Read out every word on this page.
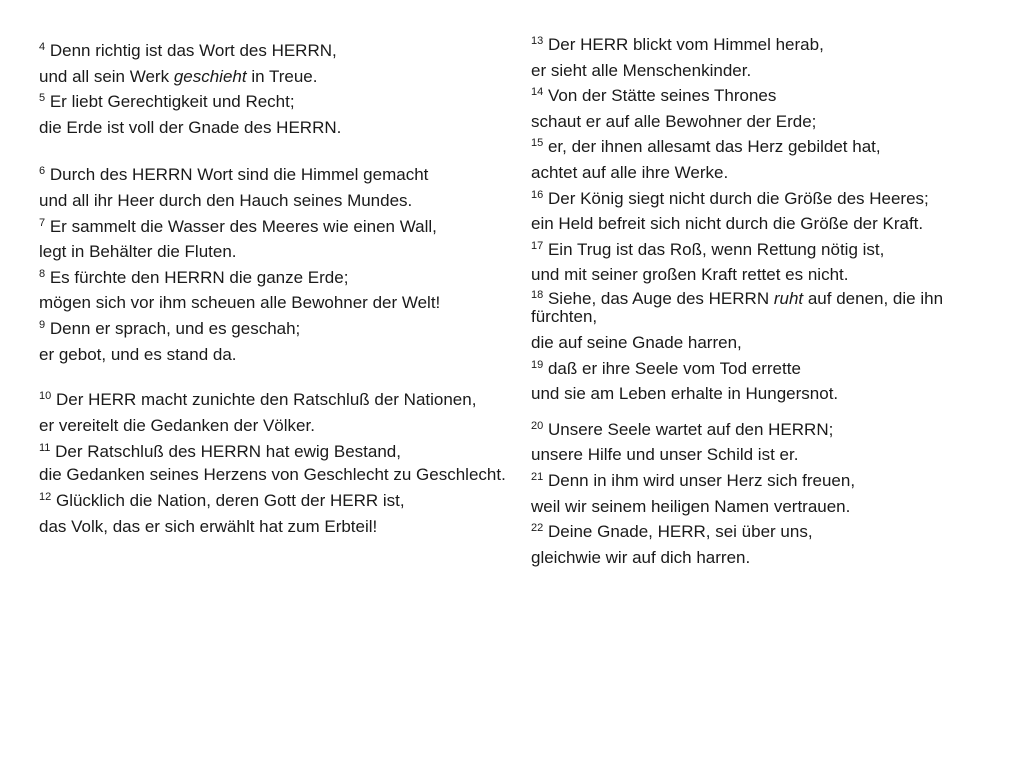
$^4$ Denn richtig ist das Wort des HERRN,
und all sein Werk geschieht in Treue.
$^5$ Er liebt Gerechtigkeit und Recht;
die Erde ist voll der Gnade des HERRN.
$^6$ Durch des HERRN Wort sind die Himmel gemacht
und all ihr Heer durch den Hauch seines Mundes.
$^7$ Er sammelt die Wasser des Meeres wie einen Wall,
legt in Behälter die Fluten.
$^8$ Es fürchte den HERRN die ganze Erde;
mögen sich vor ihm scheuen alle Bewohner der Welt!
$^9$ Denn er sprach, und es geschah;
er gebot, und es stand da.
$^{10}$ Der HERR macht zunichte den Ratschluß der Nationen,
er vereitelt die Gedanken der Völker.
$^{11}$ Der Ratschluß des HERRN hat ewig Bestand,
die Gedanken seines Herzens von Geschlecht zu Geschlecht.
$^{12}$ Glücklich die Nation, deren Gott der HERR ist,
das Volk, das er sich erwählt hat zum Erbteil!
$^{13}$ Der HERR blickt vom Himmel herab,
er sieht alle Menschenkinder.
$^{14}$ Von der Stätte seines Thrones
schaut er auf alle Bewohner der Erde;
$^{15}$ er, der ihnen allesamt das Herz gebildet hat,
achtet auf alle ihre Werke.
$^{16}$ Der König siegt nicht durch die Größe des Heeres;
ein Held befreit sich nicht durch die Größe der Kraft.
$^{17}$ Ein Trug ist das Roß, wenn Rettung nötig ist,
und mit seiner großen Kraft rettet es nicht.
$^{18}$ Siehe, das Auge des HERRN ruht auf denen, die ihn fürchten,
die auf seine Gnade harren,
$^{19}$ daß er ihre Seele vom Tod errette
und sie am Leben erhalte in Hungersnot.
$^{20}$ Unsere Seele wartet auf den HERRN;
unsere Hilfe und unser Schild ist er.
$^{21}$ Denn in ihm wird unser Herz sich freuen,
weil wir seinem heiligen Namen vertrauen.
$^{22}$ Deine Gnade, HERR, sei über uns,
gleichwie wir auf dich harren.
